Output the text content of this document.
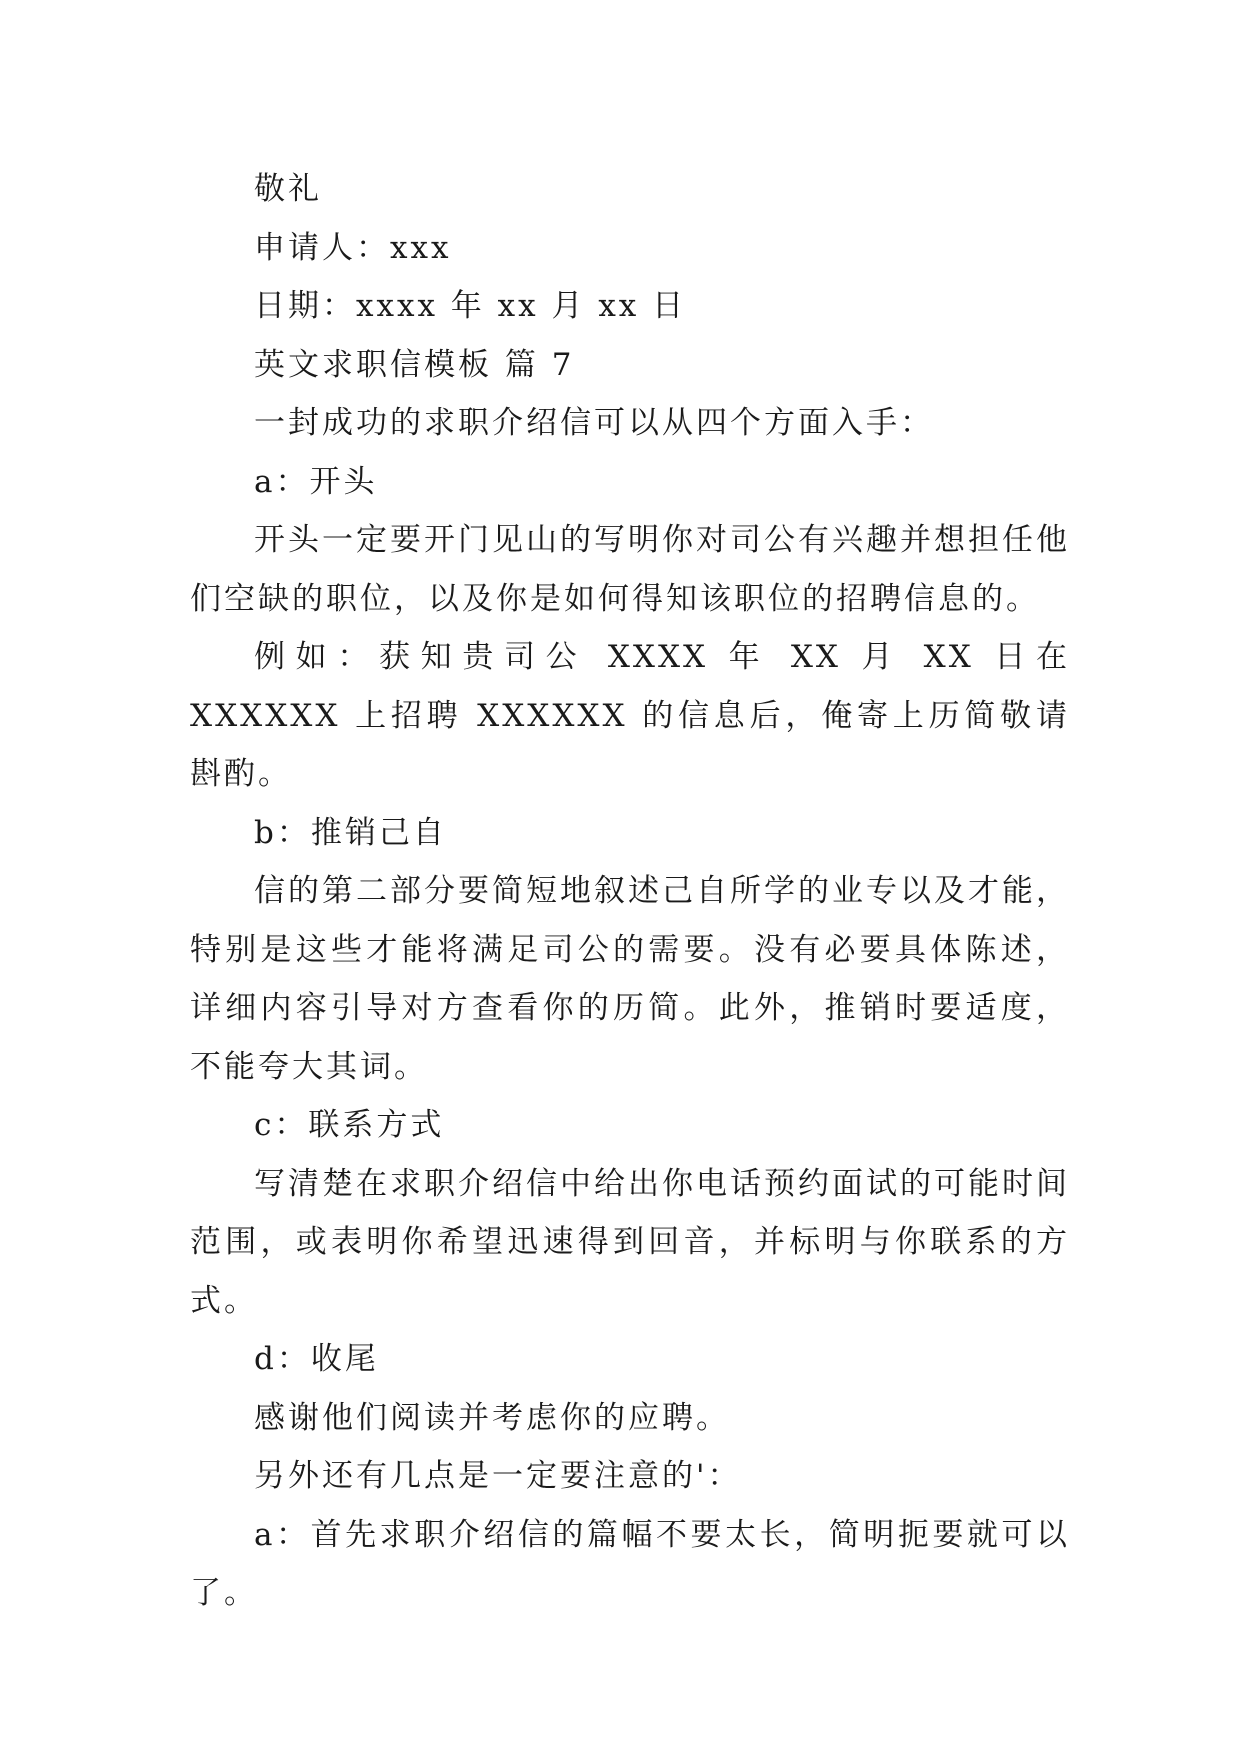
敬礼

申请人：xxx

日期：xxxx 年 xx 月 xx 日

英文求职信模板 篇 7

一封成功的求职介绍信可以从四个方面入手：

a：开头

开头一定要开门见山的写明你对司公有兴趣并想担任他们空缺的职位，以及你是如何得知该职位的招聘信息的。

例如：获知贵司公 XXXX 年 XX 月 XX 日在 XXXXXX 上招聘 XXXXXX 的信息后，俺寄上历简敬请斟酌。

b：推销己自

信的第二部分要简短地叙述己自所学的业专以及才能，特别是这些才能将满足司公的需要。没有必要具体陈述，详细内容引导对方查看你的历简。此外，推销时要适度，不能夸大其词。

c：联系方式

写清楚在求职介绍信中给出你电话预约面试的可能时间范围，或表明你希望迅速得到回音，并标明与你联系的方式。

d：收尾

感谢他们阅读并考虑你的应聘。

另外还有几点是一定要注意的'：

a：首先求职介绍信的篇幅不要太长，简明扼要就可以了。
